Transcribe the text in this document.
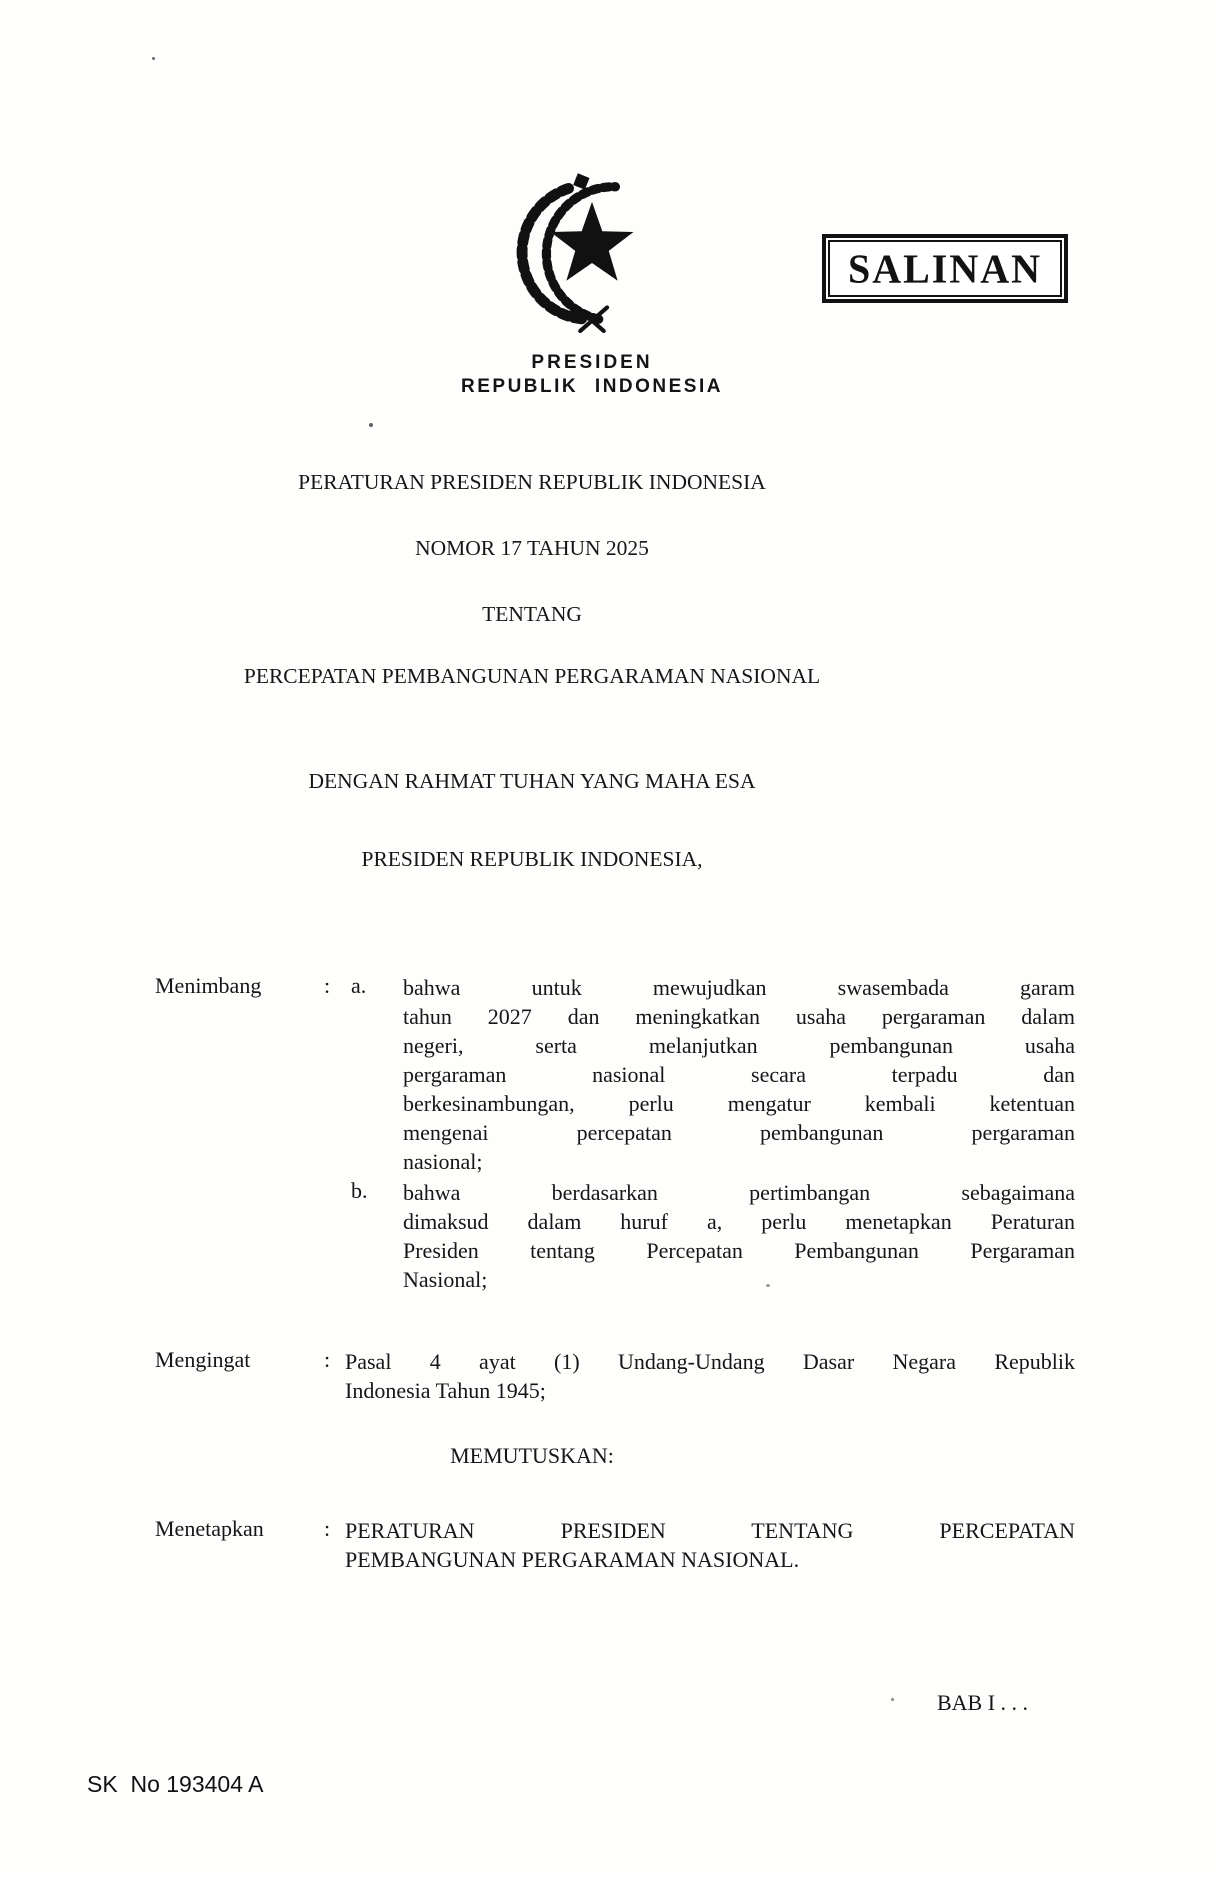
PRESIDEN
REPUBLIK INDONESIA
SALINAN
PERATURAN PRESIDEN REPUBLIK INDONESIA
NOMOR 17 TAHUN 2025
TENTANG
PERCEPATAN PEMBANGUNAN PERGARAMAN NASIONAL
DENGAN RAHMAT TUHAN YANG MAHA ESA
PRESIDEN REPUBLIK INDONESIA,
Menimbang	: a. bahwa untuk mewujudkan swasembada garam
tahun 2027 dan meningkatkan usaha pergaraman dalam
negeri, serta melanjutkan pembangunan usaha
pergaraman nasional secara terpadu dan
berkesinambungan, perlu mengatur kembali ketentuan
mengenai percepatan pembangunan pergaraman
nasional;
b. bahwa berdasarkan pertimbangan sebagaimana
dimaksud dalam huruf a, perlu menetapkan Peraturan
Presiden tentang Percepatan Pembangunan Pergaraman
Nasional;
Mengingat	: Pasal 4 ayat (1) Undang-Undang Dasar Negara Republik
Indonesia Tahun 1945;
MEMUTUSKAN:
Menetapkan	: PERATURAN PRESIDEN TENTANG PERCEPATAN
PEMBANGUNAN PERGARAMAN NASIONAL.
BAB I . . .
SK  No 193404 A
